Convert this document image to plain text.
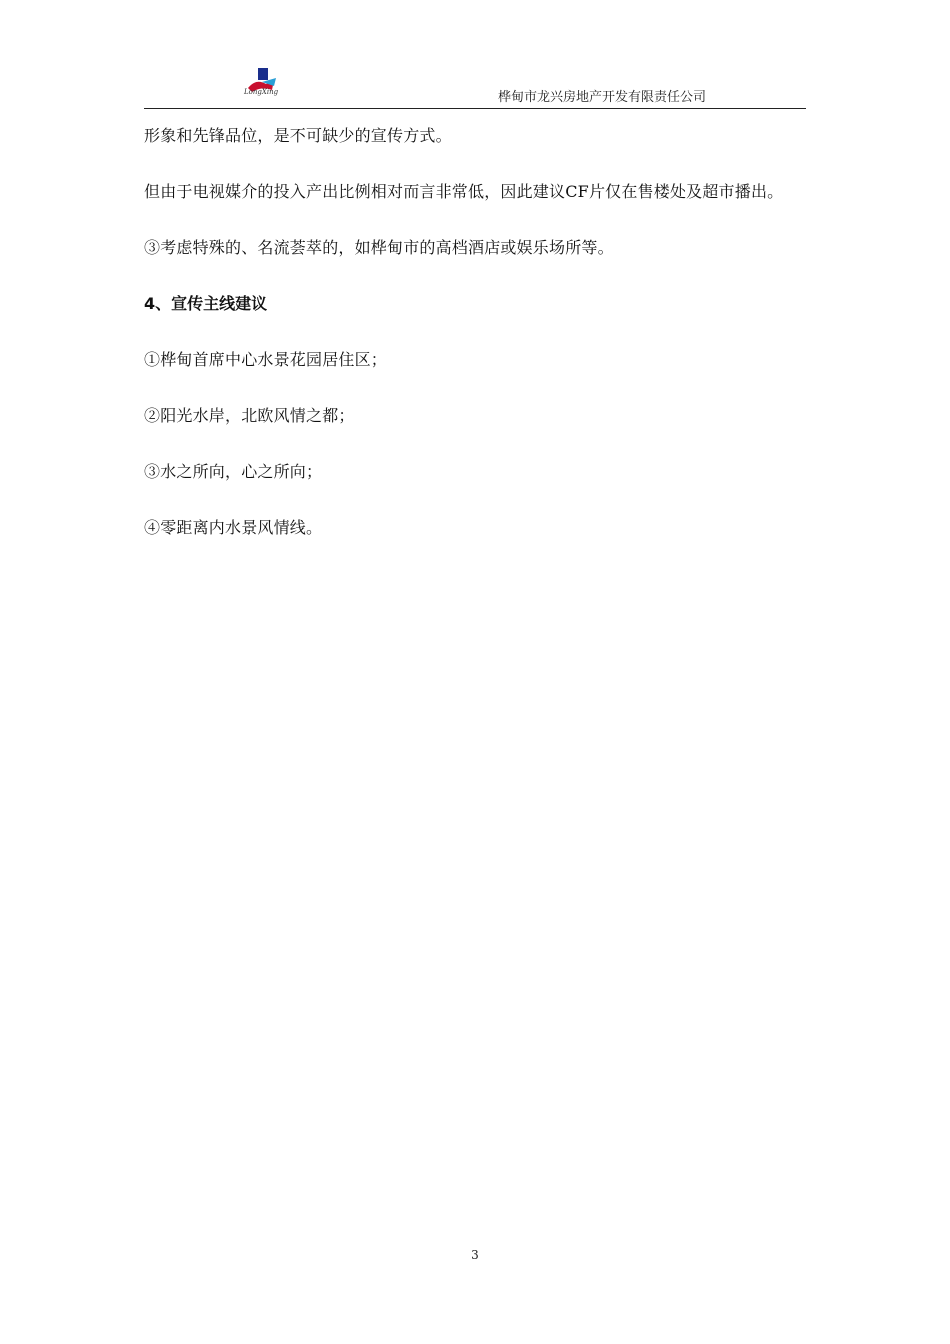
LongXing	桦甸市龙兴房地产开发有限责任公司

形象和先锋品位，是不可缺少的宣传方式。

但由于电视媒介的投入产出比例相对而言非常低，因此建议CF片仅在售楼处及超市播出。

③考虑特殊的、名流荟萃的，如桦甸市的高档酒店或娱乐场所等。

4、宣传主线建议

①桦甸首席中心水景花园居住区；

②阳光水岸，北欧风情之都；

③水之所向，心之所向；

④零距离内水景风情线。

3
